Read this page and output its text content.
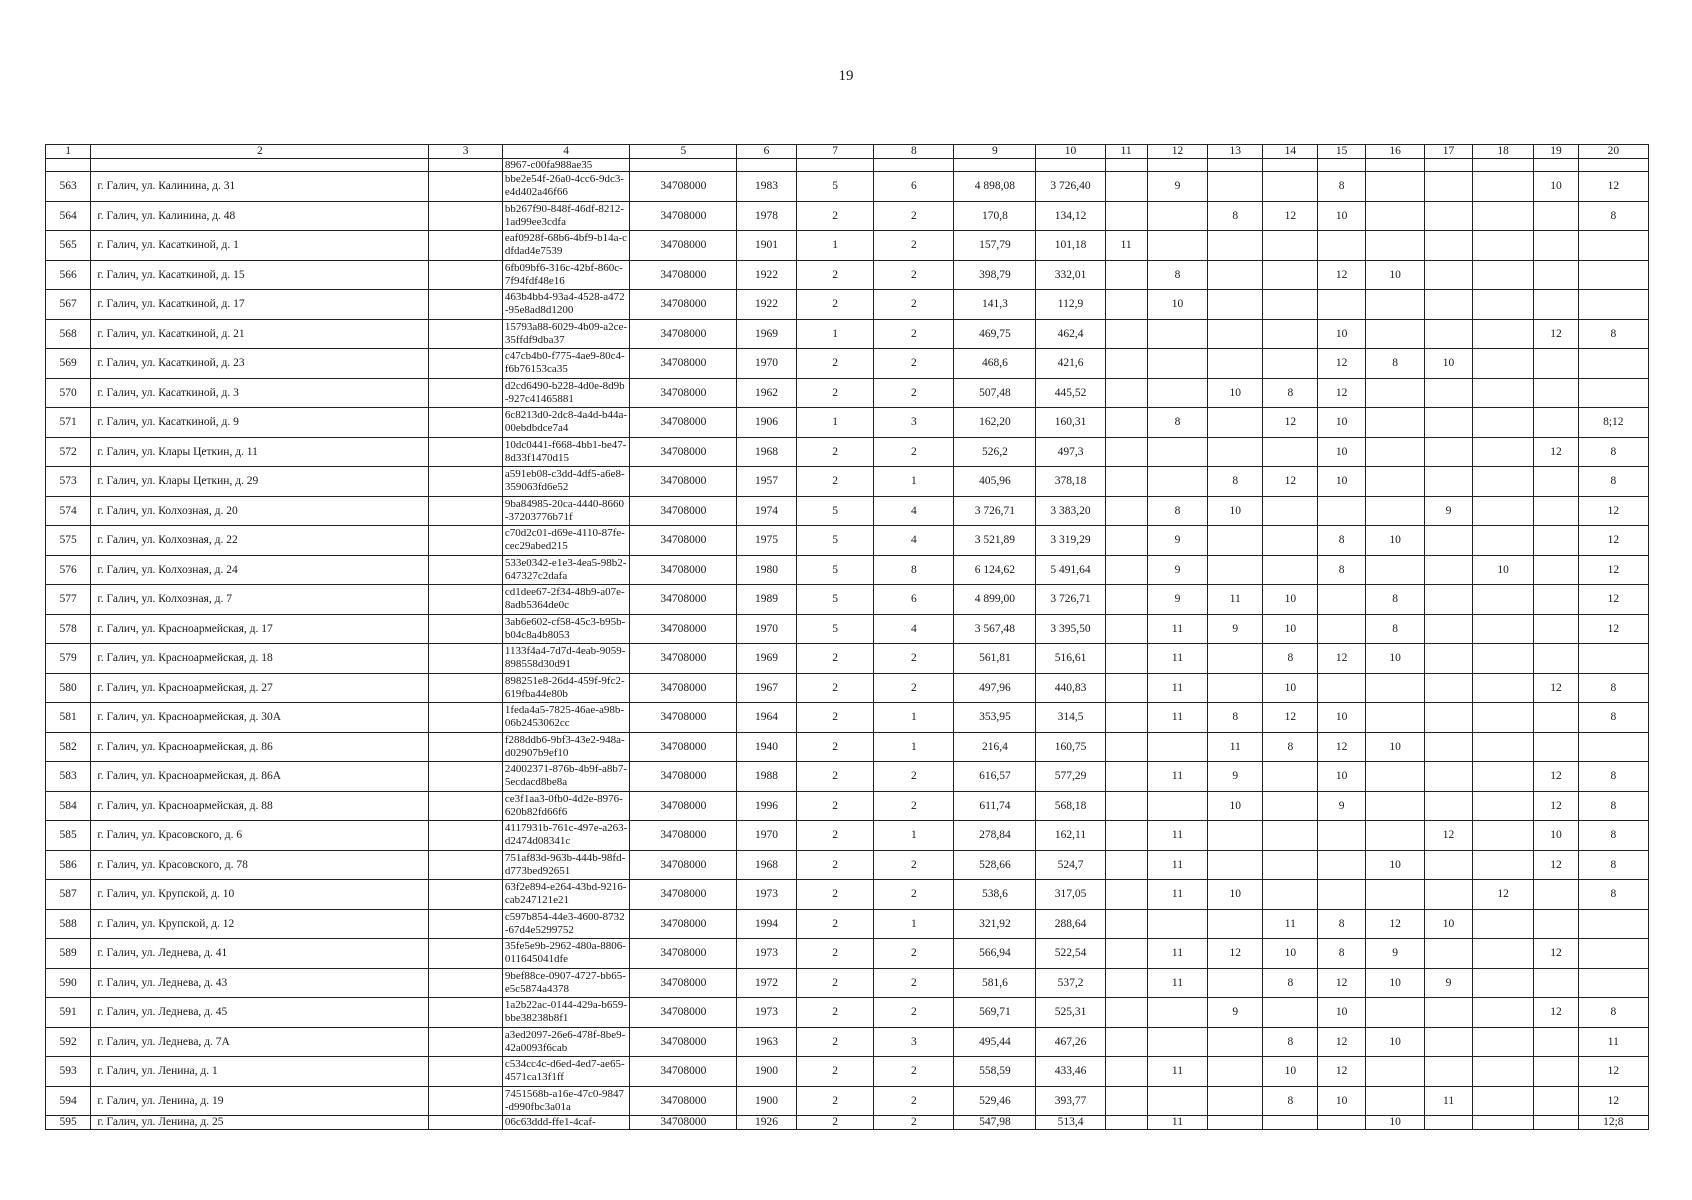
19
1	2	3	4	5	6	7	8	9	10	11	12	13	14	15	16	17	18	19	20
			8967-c00fa988ae35																
563	г. Галич, ул. Калинина, д. 31		bbe2e54f-26a0-4cc6-9dc3-e4d402a46f66	34708000	1983	5	6	4 898,08	3 726,40		9			8				10	12
564	г. Галич, ул. Калинина, д. 48		bb267f90-848f-46df-8212-1ad99ee3cdfa	34708000	1978	2	2	170,8	134,12			8	12	10					8
565	г. Галич, ул. Касаткиной, д. 1		eaf0928f-68b6-4bf9-b14a-cdfdad4e7539	34708000	1901	1	2	157,79	101,18	11									
566	г. Галич, ул. Касаткиной, д. 15		6fb09bf6-316c-42bf-860c-7f94fdf48e16	34708000	1922	2	2	398,79	332,01		8			12	10				
567	г. Галич, ул. Касаткиной, д. 17		463b4bb4-93a4-4528-a472-95e8ad8d1200	34708000	1922	2	2	141,3	112,9		10								
568	г. Галич, ул. Касаткиной, д. 21		15793a88-6029-4b09-a2ce-35ffdf9dba37	34708000	1969	1	2	469,75	462,4					10				12	8
569	г. Галич, ул. Касаткиной, д. 23		c47cb4b0-f775-4ae9-80c4-f6b76153ca35	34708000	1970	2	2	468,6	421,6					12	8	10			
570	г. Галич, ул. Касаткиной, д. 3		d2cd6490-b228-4d0e-8d9b-927c41465881	34708000	1962	2	2	507,48	445,52			10	8	12					
571	г. Галич, ул. Касаткиной, д. 9		6c8213d0-2dc8-4a4d-b44a-00ebdbdce7a4	34708000	1906	1	3	162,20	160,31		8		12	10					8;12
572	г. Галич, ул. Клары Цеткин, д. 11		10dc0441-f668-4bb1-be47-8d33f1470d15	34708000	1968	2	2	526,2	497,3					10				12	8
573	г. Галич, ул. Клары Цеткин, д. 29		a591eb08-c3dd-4df5-a6e8-359063fd6e52	34708000	1957	2	1	405,96	378,18			8	12	10					8
574	г. Галич, ул. Колхозная, д. 20		9ba84985-20ca-4440-8660-37203776b71f	34708000	1974	5	4	3 726,71	3 383,20		8	10				9			12
575	г. Галич, ул. Колхозная, д. 22		c70d2c01-d69e-4110-87fe-cec29abed215	34708000	1975	5	4	3 521,89	3 319,29		9			8	10				12
576	г. Галич, ул. Колхозная, д. 24		533e0342-e1e3-4ea5-98b2-647327c2dafa	34708000	1980	5	8	6 124,62	5 491,64		9			8			10		12
577	г. Галич, ул. Колхозная, д. 7		cd1dee67-2f34-48b9-a07e-8adb5364de0c	34708000	1989	5	6	4 899,00	3 726,71		9	11	10		8				12
578	г. Галич, ул. Красноармейская, д. 17		3ab6e602-cf58-45c3-b95b-b04c8a4b8053	34708000	1970	5	4	3 567,48	3 395,50		11	9	10		8				12
579	г. Галич, ул. Красноармейская, д. 18		1133f4a4-7d7d-4eab-9059-898558d30d91	34708000	1969	2	2	561,81	516,61		11		8	12	10				
580	г. Галич, ул. Красноармейская, д. 27		898251e8-26d4-459f-9fc2-619fba44e80b	34708000	1967	2	2	497,96	440,83		11		10					12	8
581	г. Галич, ул. Красноармейская, д. 30А		1feda4a5-7825-46ae-a98b-06b2453062cc	34708000	1964	2	1	353,95	314,5		11	8	12	10					8
582	г. Галич, ул. Красноармейская, д. 86		f288ddb6-9bf3-43e2-948a-d02907b9ef10	34708000	1940	2	1	216,4	160,75			11	8	12	10				
583	г. Галич, ул. Красноармейская, д. 86А		24002371-876b-4b9f-a8b7-5ecdacd8be8a	34708000	1988	2	2	616,57	577,29		11	9		10				12	8
584	г. Галич, ул. Красноармейская, д. 88		ce3f1aa3-0fb0-4d2e-8976-620b82fd66f6	34708000	1996	2	2	611,74	568,18			10		9				12	8
585	г. Галич, ул. Красовского, д. 6		4117931b-761c-497e-a263-d2474d08341c	34708000	1970	2	1	278,84	162,11		11					12		10	8
586	г. Галич, ул. Красовского, д. 78		751af83d-963b-444b-98fd-d773bed92651	34708000	1968	2	2	528,66	524,7		11				10			12	8
587	г. Галич, ул. Крупской, д. 10		63f2e894-e264-43bd-9216-cab247121e21	34708000	1973	2	2	538,6	317,05		11	10					12		8
588	г. Галич, ул. Крупской, д. 12		c597b854-44e3-4600-8732-67d4e5299752	34708000	1994	2	1	321,92	288,64				11	8	12	10			
589	г. Галич, ул. Леднева, д. 41		35fe5e9b-2962-480a-8806-011645041dfe	34708000	1973	2	2	566,94	522,54		11	12	10	8	9			12	
590	г. Галич, ул. Леднева, д. 43		9bef88ce-0907-4727-bb65-e5c5874a4378	34708000	1972	2	2	581,6	537,2		11		8	12	10	9			
591	г. Галич, ул. Леднева, д. 45		1a2b22ac-0144-429a-b659-bbe38238b8f1	34708000	1973	2	2	569,71	525,31			9		10				12	8
592	г. Галич, ул. Леднева, д. 7А		a3ed2097-26e6-478f-8be9-42a0093f6cab	34708000	1963	2	3	495,44	467,26				8	12	10				11
593	г. Галич, ул. Ленина, д. 1		c534cc4c-d6ed-4ed7-ae65-4571ca13f1ff	34708000	1900	2	2	558,59	433,46		11		10	12					12
594	г. Галич, ул. Ленина, д. 19		7451568b-a16e-47c0-9847-d990fbc3a01a	34708000	1900	2	2	529,46	393,77				8	10		11			12
595	г. Галич, ул. Ленина, д. 25		06c63ddd-ffe1-4caf-	34708000	1926	2	2	547,98	513,4		11				10				12;8
